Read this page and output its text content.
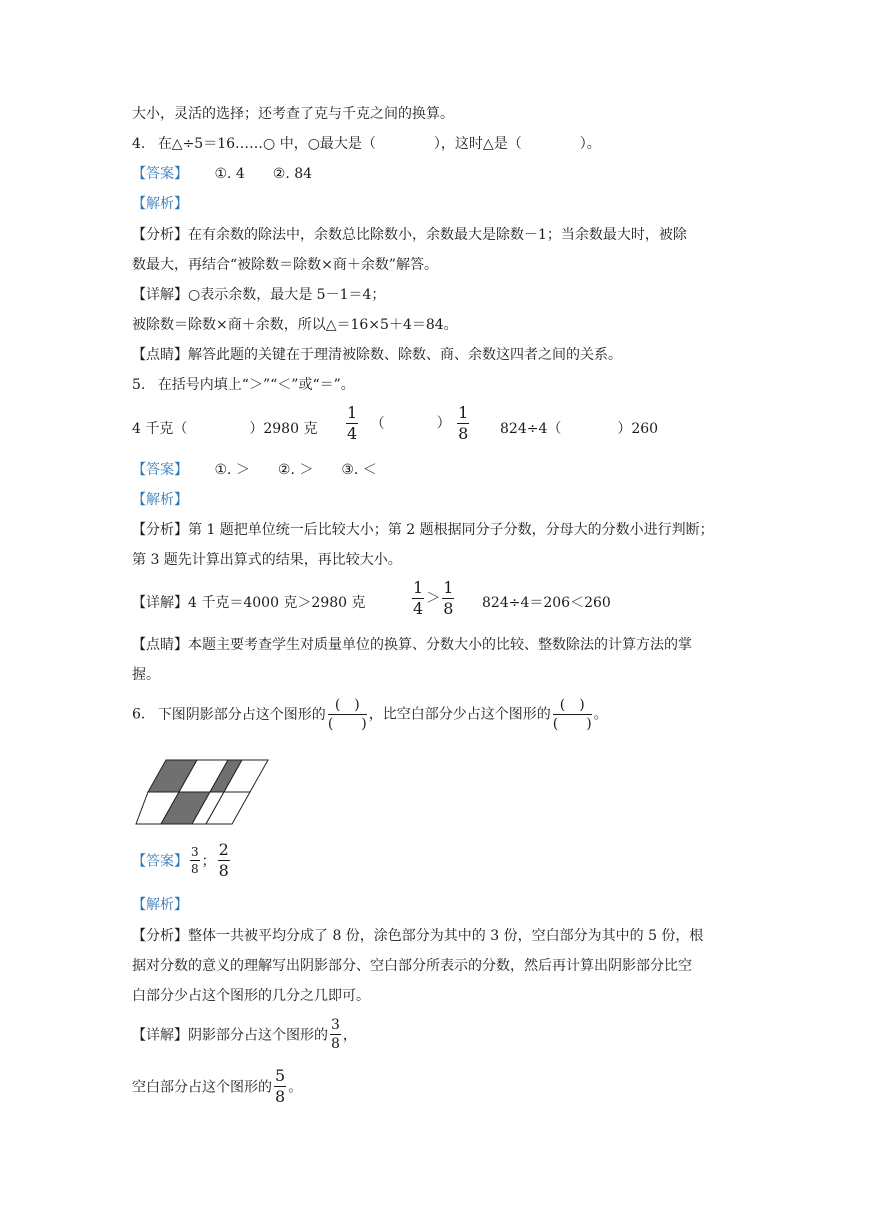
大小，灵活的选择；还考查了克与千克之间的换算。
4. 在△÷5＝16……○ 中，○最大是（	），这时△是（	）。
【答案】 ①. 4　　②. 84
【解析】
【分析】在有余数的除法中，余数总比除数小，余数最大是除数－1；当余数最大时，被除
数最大，再结合“被除数＝除数×商＋余数”解答。
【详解】○表示余数，最大是 5－1＝4；
被除数＝除数×商＋余数，所以△＝16×5＋4＝84。
【点睛】解答此题的关键在于理清被除数、除数、商、余数这四者之间的关系。
5. 在括号内填上“＞”“＜”或“＝”。
4 千克（	）2980 克 $\frac{1}{4}$ （	） $\frac{1}{8} 824\div 4$（	）260
【答案】 ①. ＞　　②. ＞　　③. ＜
【解析】
【分析】第 1 题把单位统一后比较大小；第 2 题根据同分子分数，分母大的分数小进行判断；
第 3 题先计算出算式的结果，再比较大小。
【详解】4 千克＝4000 克＞2980 克	$\frac{1}{4} > \frac{1}{8} 824\div 4=206<260$
【点睛】本题主要考查学生对质量单位的换算、分数大小的比较、整数除法的计算方法的掌
握。
6. 下图阴影部分占这个图形的 $\frac{( )}{( )}$ ，比空白部分少占这个图形的 $\frac{( )}{( )}$ 。
【答案】 $\frac{3}{8}$ ； $\frac{2}{8}$
【解析】
【分析】整体一共被平均分成了 8 份，涂色部分为其中的 3 份，空白部分为其中的 5 份，根
据对分数的意义的理解写出阴影部分、空白部分所表示的分数，然后再计算出阴影部分比空
白部分少占这个图形的几分之几即可。
【详解】阴影部分占这个图形的 $\frac{3}{8}$ ，
空白部分占这个图形的 $\frac{5}{8}$ 。
